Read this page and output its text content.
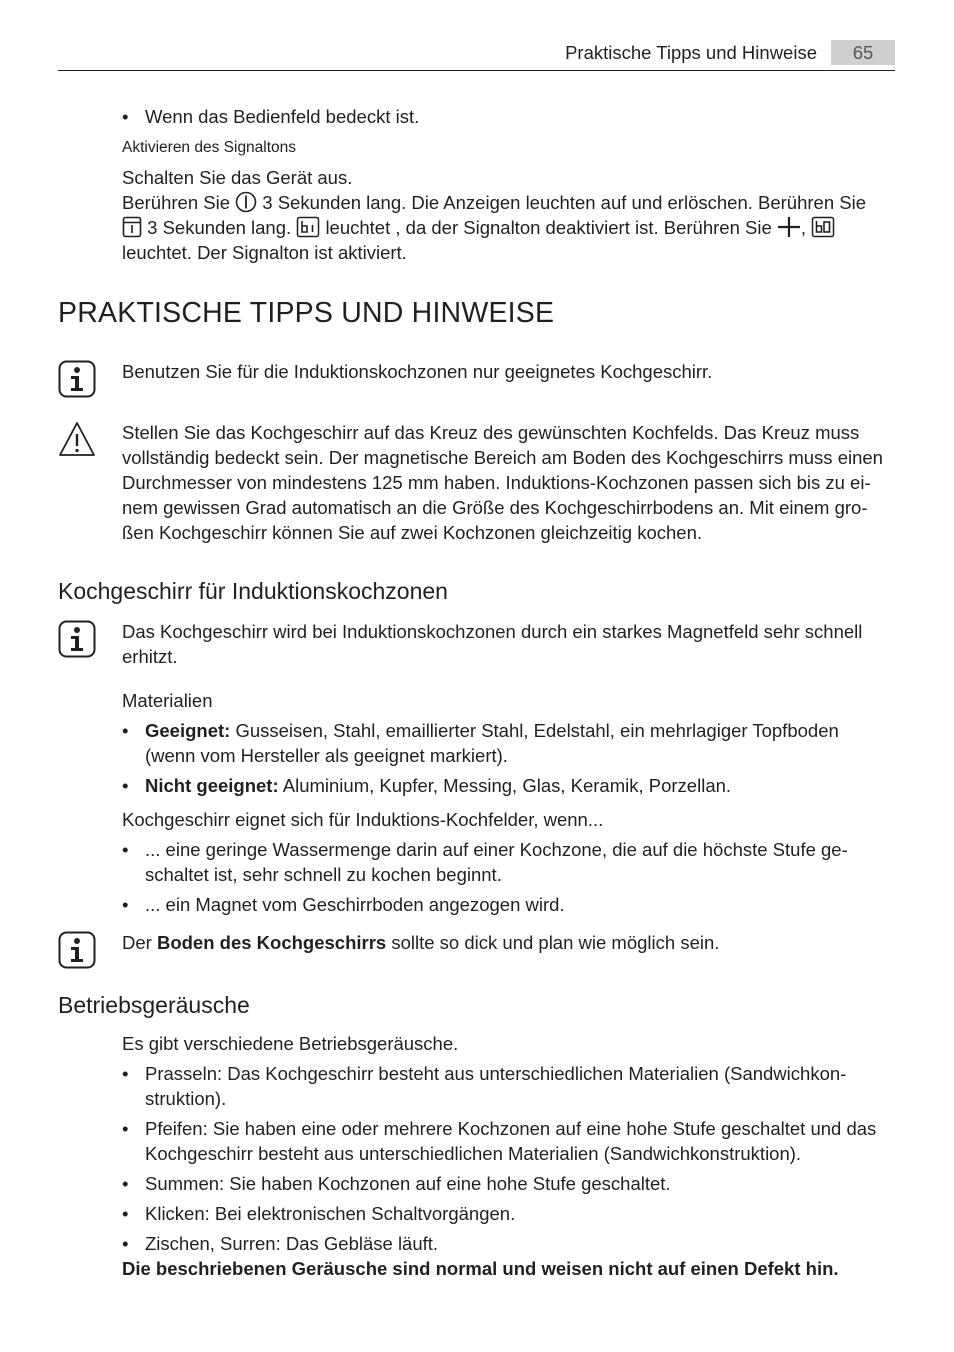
Praktische Tipps und Hinweise	65
• Wenn das Bedienfeld bedeckt ist.
Aktivieren des Signaltons
Schalten Sie das Gerät aus.
Berühren Sie 3 Sekunden lang. Die Anzeigen leuchten auf und erlöschen. Berühren Sie
3 Sekunden lang. leuchtet , da der Signalton deaktiviert ist. Berühren Sie ,
leuchtet. Der Signalton ist aktiviert.
PRAKTISCHE TIPPS UND HINWEISE
Benutzen Sie für die Induktionskochzonen nur geeignetes Kochgeschirr.
Stellen Sie das Kochgeschirr auf das Kreuz des gewünschten Kochfelds. Das Kreuz muss
vollständig bedeckt sein. Der magnetische Bereich am Boden des Kochgeschirrs muss einen
Durchmesser von mindestens 125 mm haben. Induktions-Kochzonen passen sich bis zu ei-
nem gewissen Grad automatisch an die Größe des Kochgeschirrbodens an. Mit einem gro-
ßen Kochgeschirr können Sie auf zwei Kochzonen gleichzeitig kochen.
Kochgeschirr für Induktionskochzonen
Das Kochgeschirr wird bei Induktionskochzonen durch ein starkes Magnetfeld sehr schnell
erhitzt.
Materialien
• Geeignet: Gusseisen, Stahl, emaillierter Stahl, Edelstahl, ein mehrlagiger Topfboden
(wenn vom Hersteller als geeignet markiert).
• Nicht geeignet: Aluminium, Kupfer, Messing, Glas, Keramik, Porzellan.
Kochgeschirr eignet sich für Induktions-Kochfelder, wenn...
• ... eine geringe Wassermenge darin auf einer Kochzone, die auf die höchste Stufe ge-
schaltet ist, sehr schnell zu kochen beginnt.
• ... ein Magnet vom Geschirrboden angezogen wird.
Der Boden des Kochgeschirrs sollte so dick und plan wie möglich sein.
Betriebsgeräusche
Es gibt verschiedene Betriebsgeräusche.
• Prasseln: Das Kochgeschirr besteht aus unterschiedlichen Materialien (Sandwichkon-
struktion).
• Pfeifen: Sie haben eine oder mehrere Kochzonen auf eine hohe Stufe geschaltet und das
Kochgeschirr besteht aus unterschiedlichen Materialien (Sandwichkonstruktion).
• Summen: Sie haben Kochzonen auf eine hohe Stufe geschaltet.
• Klicken: Bei elektronischen Schaltvorgängen.
• Zischen, Surren: Das Gebläse läuft.
Die beschriebenen Geräusche sind normal und weisen nicht auf einen Defekt hin.
